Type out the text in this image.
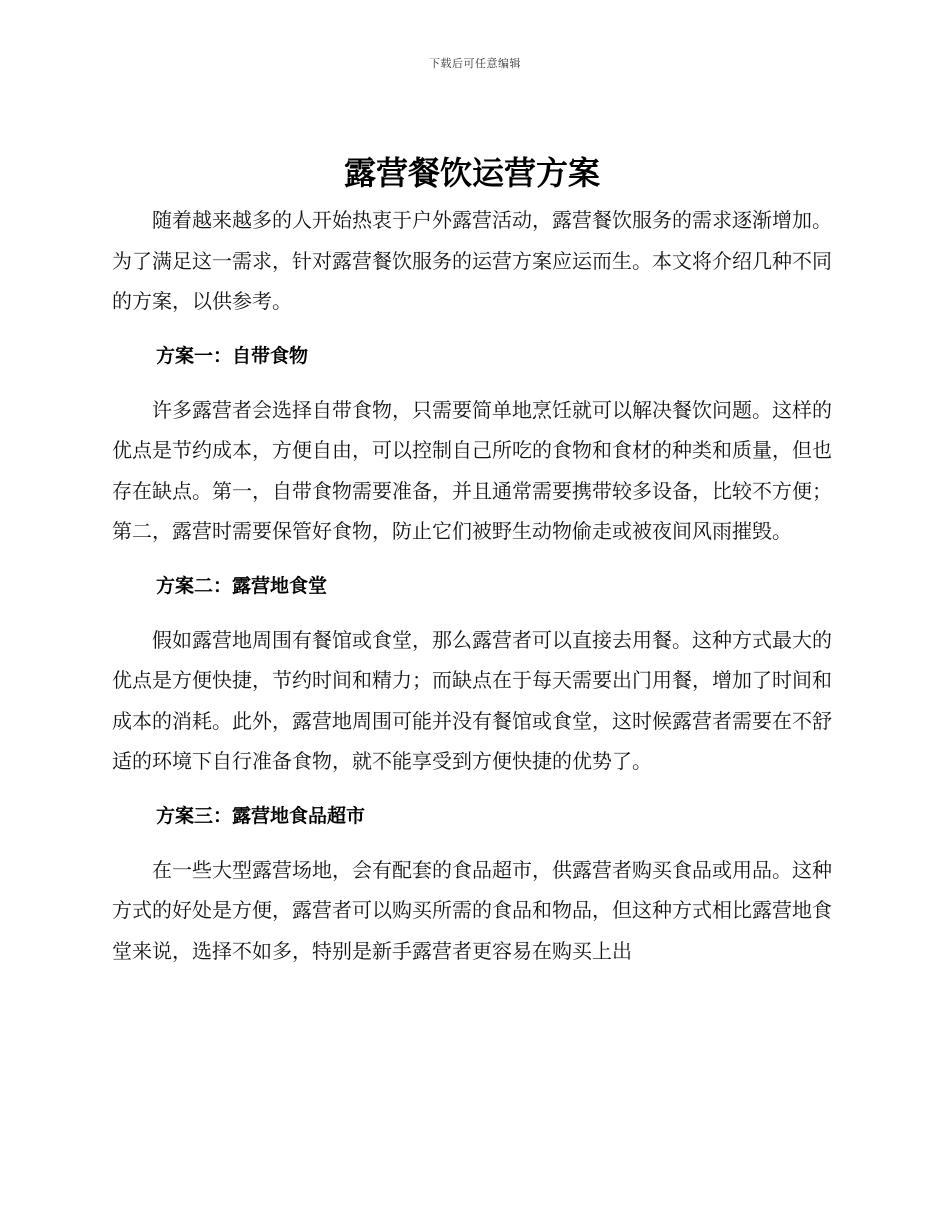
下载后可任意编辑
露营餐饮运营方案

随着越来越多的人开始热衷于户外露营活动，露营餐饮服务的需求逐渐增加。为了满足这一需求，针对露营餐饮服务的运营方案应运而生。本文将介绍几种不同的方案，以供参考。

方案一：自带食物

许多露营者会选择自带食物，只需要简单地烹饪就可以解决餐饮问题。这样的优点是节约成本，方便自由，可以控制自己所吃的食物和食材的种类和质量，但也存在缺点。第一，自带食物需要准备，并且通常需要携带较多设备，比较不方便；第二，露营时需要保管好食物，防止它们被野生动物偷走或被夜间风雨摧毁。

方案二：露营地食堂

假如露营地周围有餐馆或食堂，那么露营者可以直接去用餐。这种方式最大的优点是方便快捷，节约时间和精力；而缺点在于每天需要出门用餐，增加了时间和成本的消耗。此外，露营地周围可能并没有餐馆或食堂，这时候露营者需要在不舒适的环境下自行准备食物，就不能享受到方便快捷的优势了。

方案三：露营地食品超市

在一些大型露营场地，会有配套的食品超市，供露营者购买食品或用品。这种方式的好处是方便，露营者可以购买所需的食品和物品，但这种方式相比露营地食堂来说，选择不如多，特别是新手露营者更容易在购买上出
